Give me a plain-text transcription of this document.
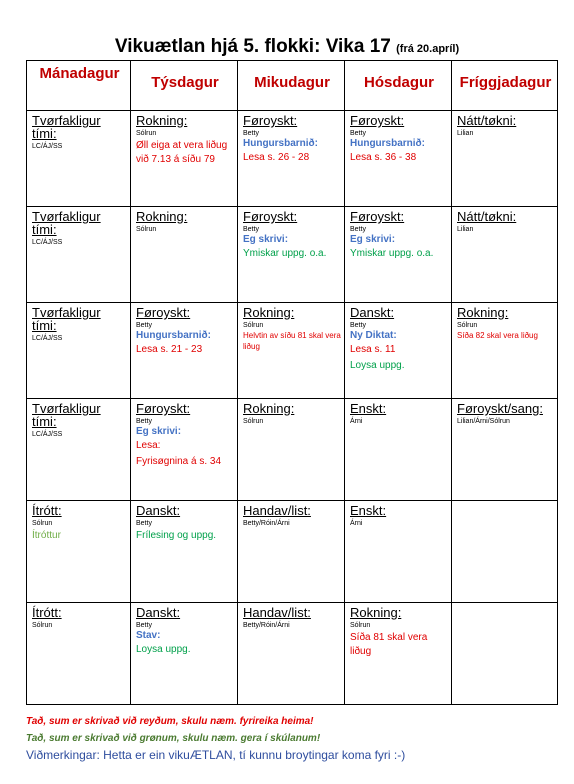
Vikuætlan hjá 5. flokki: Vika 17 (frá 20.apríl)
Mánadagur	Týsdagur	Mikudagur	Hósdagur	Fríggjadagur

Tvørfakligur tími:
LC/ÁJ/SS	Rokning:
Sólrun
Øll eiga at vera liðug við 7.13 á síðu 79	Føroyskt:
Betty
Hungursbarnið:
Lesa s. 26 - 28	Føroyskt:
Betty
Hungursbarnið:
Lesa s. 36 - 38	Nátt/tøkni:
Lilian

Tvørfakligur tími:
LC/ÁJ/SS	Rokning:
Sólrun	Føroyskt:
Betty
Eg skrivi:
Ymiskar uppg. o.a.	Føroyskt:
Betty
Eg skrivi:
Ymiskar uppg. o.a.	Nátt/tøkni:
Lilian

Tvørfakligur tími:
LC/ÁJ/SS	Føroyskt:
Betty
Hungursbarnið:
Lesa s. 21 - 23	Rokning:
Sólrun
Helvtin av síðu 81 skal vera liðug	Danskt:
Betty
Ny Diktat:
Lesa s. 11
Loysa uppg.	Rokning:
Sólrun
Síða 82 skal vera liðug

Tvørfakligur tími:
LC/ÁJ/SS	Føroyskt:
Betty
Eg skrivi:
Lesa:
Fyrisøgnina á s. 34	Rokning:
Sólrun	Enskt:
Árni	Føroyskt/sang:
Lilian/Árni/Sólrun

Ítrótt:
Sólrun
Ítróttur	Danskt:
Betty
Frílesing og uppg.	Handav/list:
Betty/Róin/Árni	Enskt:
Árni	

Ítrótt:
Sólrun	Danskt:
Betty
Stav:
Loysa uppg.	Handav/list:
Betty/Róin/Árni	Rokning:
Sólrun
Síða 81 skal vera liðug	

Tað, sum er skrivað við reyðum, skulu næm. fyrireika heima!
Tað, sum er skrivað við grønum, skulu næm. gera í skúlanum!
Viðmerkingar: Hetta er ein vikuÆTLAN, tí kunnu broytingar koma fyri :-)
